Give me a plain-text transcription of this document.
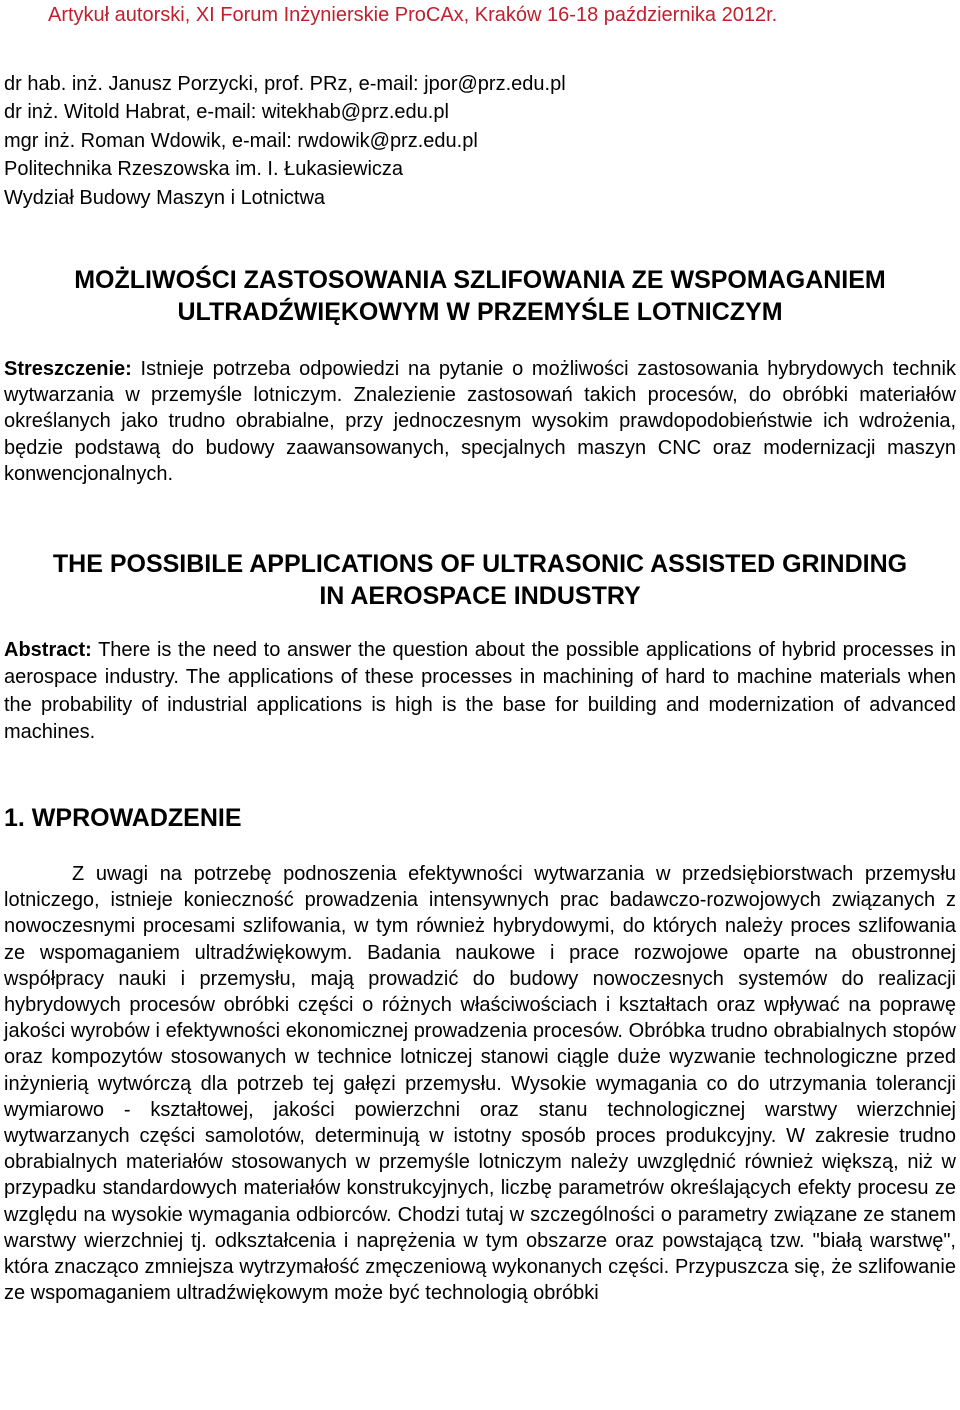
Artykuł autorski, XI Forum Inżynierskie ProCAx, Kraków 16-18 października 2012r.
dr hab. inż. Janusz Porzycki, prof. PRz, e-mail: jpor@prz.edu.pl
dr inż. Witold Habrat, e-mail: witekhab@prz.edu.pl
mgr inż. Roman Wdowik, e-mail: rwdowik@prz.edu.pl
Politechnika Rzeszowska im. I. Łukasiewicza
Wydział Budowy Maszyn i Lotnictwa
MOŻLIWOŚCI ZASTOSOWANIA SZLIFOWANIA ZE WSPOMAGANIEM
ULTRADŹWIĘKOWYM W PRZEMYŚLE LOTNICZYM
Streszczenie: Istnieje potrzeba odpowiedzi na pytanie o możliwości zastosowania hybrydowych technik wytwarzania w przemyśle lotniczym. Znalezienie zastosowań takich procesów, do obróbki materiałów określanych jako trudno obrabialne, przy jednoczesnym wysokim prawdopodobieństwie ich wdrożenia, będzie podstawą do budowy zaawansowanych, specjalnych maszyn CNC oraz modernizacji maszyn konwencjonalnych.
THE POSSIBILE APPLICATIONS OF ULTRASONIC ASSISTED GRINDING
IN AEROSPACE INDUSTRY
Abstract: There is the need to answer the question about the possible applications of hybrid processes in aerospace industry. The applications of these processes in machining of hard to machine materials when the probability of industrial applications is high is the base for building and modernization of advanced machines.
1. WPROWADZENIE

Z uwagi na potrzebę podnoszenia efektywności wytwarzania w przedsiębiorstwach przemysłu lotniczego, istnieje konieczność prowadzenia intensywnych prac badawczo-rozwojowych związanych z nowoczesnymi procesami szlifowania, w tym również hybrydowymi, do których należy proces szlifowania ze wspomaganiem ultradźwiękowym. Badania naukowe i prace rozwojowe oparte na obustronnej współpracy nauki i przemysłu, mają prowadzić do budowy nowoczesnych systemów do realizacji hybrydowych procesów obróbki części o różnych właściwościach i kształtach oraz wpływać na poprawę jakości wyrobów i efektywności ekonomicznej prowadzenia procesów. Obróbka trudno obrabialnych stopów oraz kompozytów stosowanych w technice lotniczej stanowi ciągle duże wyzwanie technologiczne przed inżynierią wytwórczą dla potrzeb tej gałęzi przemysłu. Wysokie wymagania co do utrzymania tolerancji wymiarowo - kształtowej, jakości powierzchni oraz stanu technologicznej warstwy wierzchniej wytwarzanych części samolotów, determinują w istotny sposób proces produkcyjny. W zakresie trudno obrabialnych materiałów stosowanych w przemyśle lotniczym należy uwzględnić również większą, niż w przypadku standardowych materiałów konstrukcyjnych, liczbę parametrów określających efekty procesu ze względu na wysokie wymagania odbiorców. Chodzi tutaj w szczególności o parametry związane ze stanem warstwy wierzchniej tj. odkształcenia i naprężenia w tym obszarze oraz powstającą tzw. "białą warstwę", która znacząco zmniejsza wytrzymałość zmęczeniową wykonanych części. Przypuszcza się, że szlifowanie ze wspomaganiem ultradźwiękowym może być technologią obróbki
